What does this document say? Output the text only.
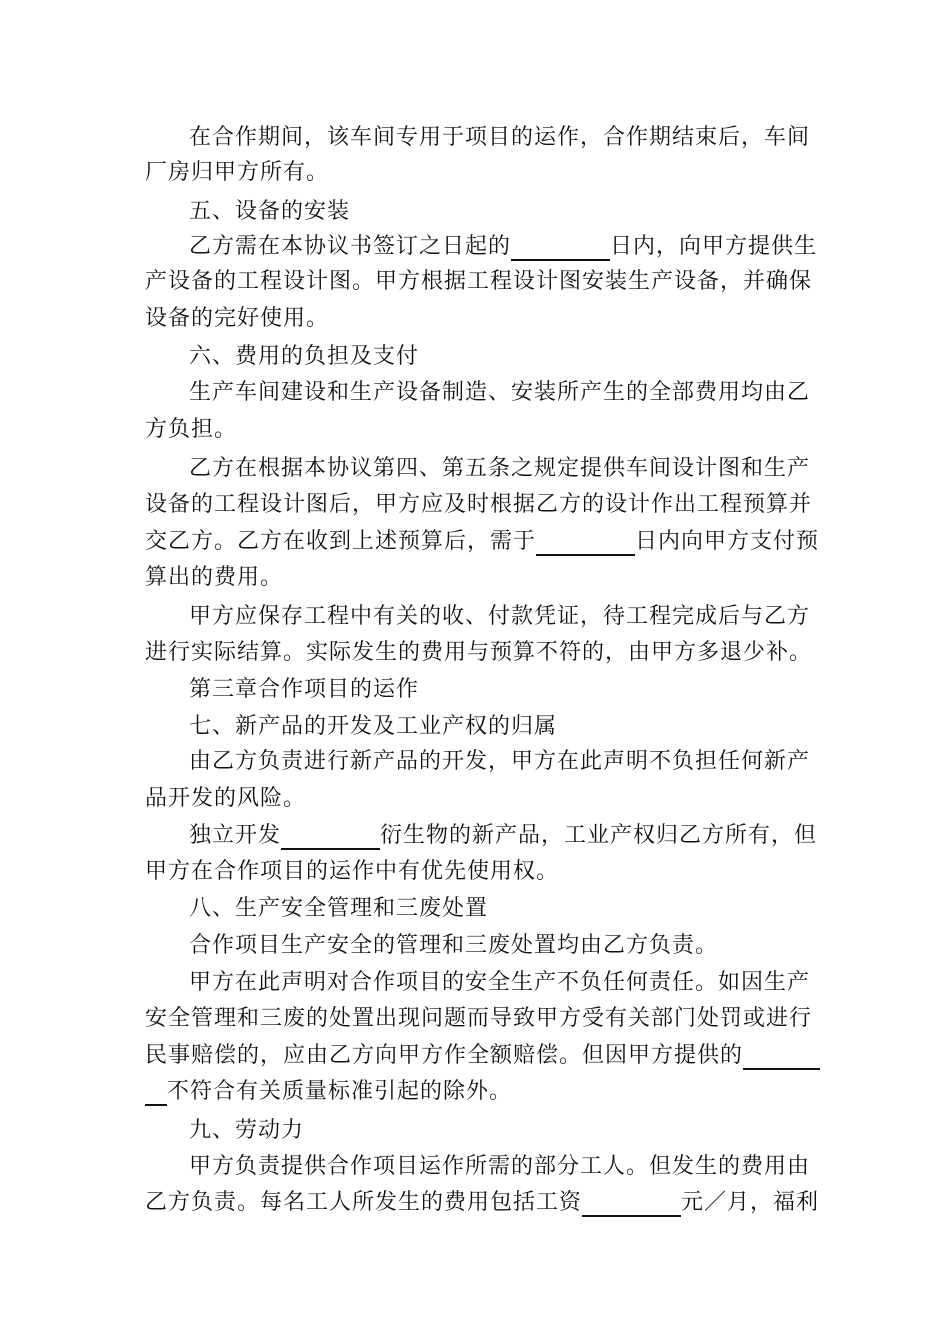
在合作期间，该车间专用于项目的运作，合作期结束后，车间
厂房归甲方所有。
五、设备的安装
乙方需在本协议书签订之日起的	日内，向甲方提供生
产设备的工程设计图。甲方根据工程设计图安装生产设备，并确保
设备的完好使用。
六、费用的负担及支付
生产车间建设和生产设备制造、安装所产生的全部费用均由乙
方负担。
乙方在根据本协议第四、第五条之规定提供车间设计图和生产
设备的工程设计图后，甲方应及时根据乙方的设计作出工程预算并
交乙方。乙方在收到上述预算后，需于	日内向甲方支付预
算出的费用。
甲方应保存工程中有关的收、付款凭证，待工程完成后与乙方
进行实际结算。实际发生的费用与预算不符的，由甲方多退少补。
第三章合作项目的运作
七、新产品的开发及工业产权的归属
由乙方负责进行新产品的开发，甲方在此声明不负担任何新产
品开发的风险。
独立开发	衍生物的新产品，工业产权归乙方所有，但
甲方在合作项目的运作中有优先使用权。
八、生产安全管理和三废处置
合作项目生产安全的管理和三废处置均由乙方负责。
甲方在此声明对合作项目的安全生产不负任何责任。如因生产
安全管理和三废的处置出现问题而导致甲方受有关部门处罚或进行
民事赔偿的，应由乙方向甲方作全额赔偿。但因甲方提供的
不符合有关质量标准引起的除外。
九、劳动力
甲方负责提供合作项目运作所需的部分工人。但发生的费用由
乙方负责。每名工人所发生的费用包括工资	元／月，福利
